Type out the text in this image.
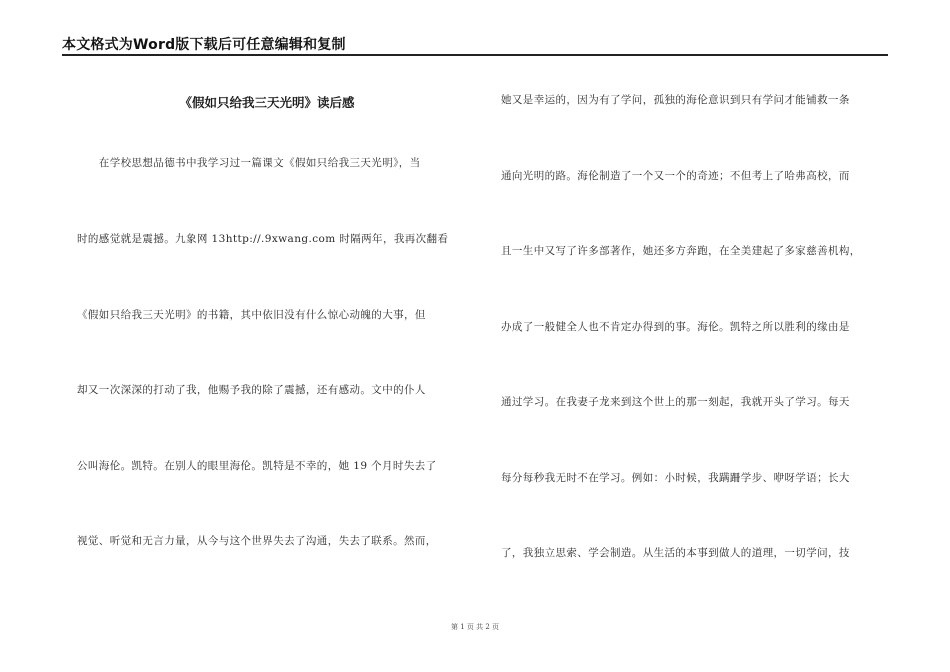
本文格式为Word版下载后可任意编辑和复制
《假如只给我三天光明》读后感
　　在学校思想品德书中我学习过一篇课文《假如只给我三天光明》，当
时的感觉就是震撼。九象网 13http://.9xwang.com 时隔两年，我再次翻看
《假如只给我三天光明》的书籍，其中依旧没有什么惊心动魄的大事，但
却又一次深深的打动了我，他赐予我的除了震撼，还有感动。文中的仆人
公叫海伦。凯特。在别人的眼里海伦。凯特是不幸的，她 19 个月时失去了
视觉、听觉和无言力量，从今与这个世界失去了沟通，失去了联系。然而，
她又是幸运的，因为有了学问，孤独的海伦意识到只有学问才能铺救一条
通向光明的路。海伦制造了一个又一个的奇迹；不但考上了哈弗高校，而
且一生中又写了许多部著作，她还多方奔跑，在全美建起了多家慈善机构，
办成了一般健全人也不肯定办得到的事。海伦。凯特之所以胜利的缘由是
通过学习。在我妻子龙来到这个世上的那一刻起，我就开头了学习。每天
每分每秒我无时不在学习。例如：小时候，我蹒跚学步、咿呀学语；长大
了，我独立思索、学会制造。从生活的本事到做人的道理，一切学问，技
第 1 页 共 2 页
